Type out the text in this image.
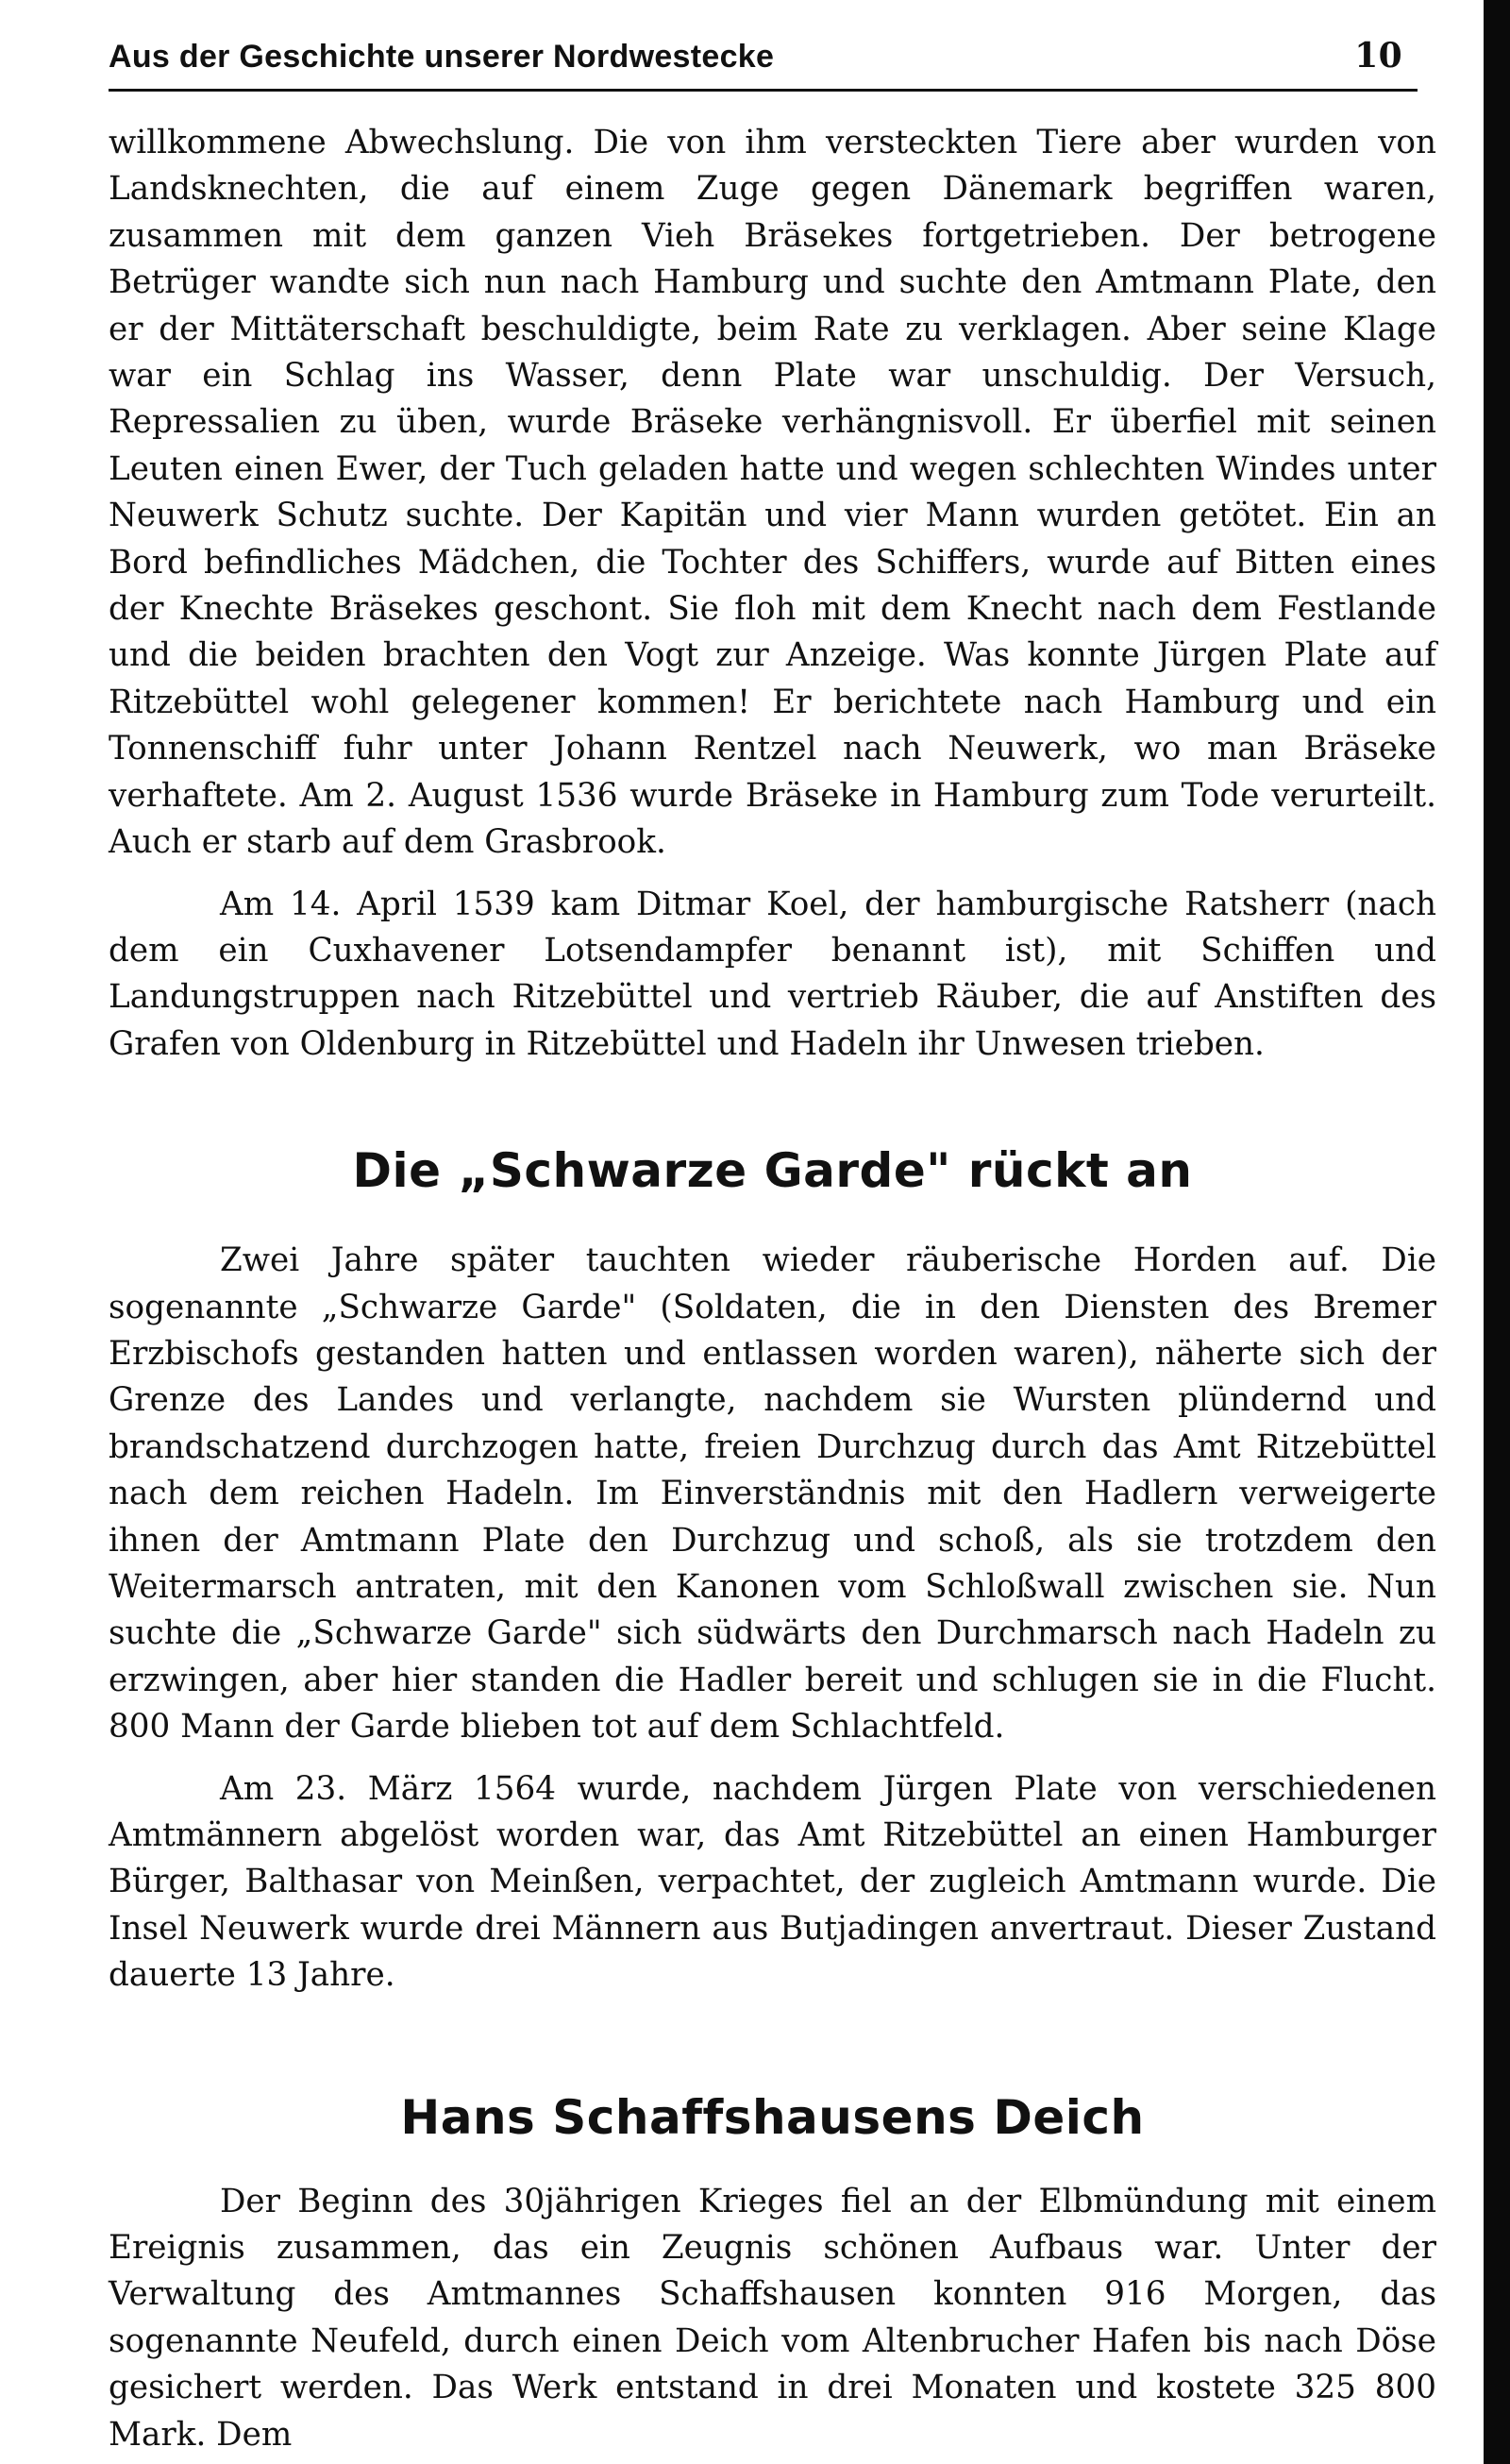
Aus der Geschichte unserer Nordwestecke	10

willkommene Abwechslung. Die von ihm versteckten Tiere aber wurden von Landsknechten, die auf einem Zuge gegen Dänemark begriffen waren, zusammen mit dem ganzen Vieh Bräsekes fortgetrieben. Der betrogene Betrüger wandte sich nun nach Hamburg und suchte den Amtmann Plate, den er der Mittäterschaft beschuldigte, beim Rate zu verklagen. Aber seine Klage war ein Schlag ins Wasser, denn Plate war unschuldig. Der Versuch, Repressalien zu üben, wurde Bräseke verhängnisvoll. Er überfiel mit seinen Leuten einen Ewer, der Tuch geladen hatte und wegen schlechten Windes unter Neuwerk Schutz suchte. Der Kapitän und vier Mann wurden getötet. Ein an Bord befindliches Mädchen, die Tochter des Schiffers, wurde auf Bitten eines der Knechte Bräsekes geschont. Sie floh mit dem Knecht nach dem Festlande und die beiden brachten den Vogt zur Anzeige. Was konnte Jürgen Plate auf Ritzebüttel wohl gelegener kommen! Er berichtete nach Hamburg und ein Tonnenschiff fuhr unter Johann Rentzel nach Neuwerk, wo man Bräseke verhaftete. Am 2. August 1536 wurde Bräseke in Hamburg zum Tode verurteilt. Auch er starb auf dem Grasbrook.

Am 14. April 1539 kam Ditmar Koel, der hamburgische Ratsherr (nach dem ein Cuxhavener Lotsendampfer benannt ist), mit Schiffen und Landungstruppen nach Ritzebüttel und vertrieb Räuber, die auf Anstiften des Grafen von Oldenburg in Ritzebüttel und Hadeln ihr Unwesen trieben.

Die „Schwarze Garde" rückt an

Zwei Jahre später tauchten wieder räuberische Horden auf. Die sogenannte „Schwarze Garde" (Soldaten, die in den Diensten des Bremer Erzbischofs gestanden hatten und entlassen worden waren), näherte sich der Grenze des Landes und verlangte, nachdem sie Wursten plündernd und brandschatzend durchzogen hatte, freien Durchzug durch das Amt Ritzebüttel nach dem reichen Hadeln. Im Einverständnis mit den Hadlern verweigerte ihnen der Amtmann Plate den Durchzug und schoß, als sie trotzdem den Weitermarsch antraten, mit den Kanonen vom Schloßwall zwischen sie. Nun suchte die „Schwarze Garde" sich südwärts den Durchmarsch nach Hadeln zu erzwingen, aber hier standen die Hadler bereit und schlugen sie in die Flucht. 800 Mann der Garde blieben tot auf dem Schlachtfeld.

Am 23. März 1564 wurde, nachdem Jürgen Plate von verschiedenen Amtmännern abgelöst worden war, das Amt Ritzebüttel an einen Hamburger Bürger, Balthasar von Meinßen, verpachtet, der zugleich Amtmann wurde. Die Insel Neuwerk wurde drei Männern aus Butjadingen anvertraut. Dieser Zustand dauerte 13 Jahre.

Hans Schaffshausens Deich

Der Beginn des 30jährigen Krieges fiel an der Elbmündung mit einem Ereignis zusammen, das ein Zeugnis schönen Aufbaus war. Unter der Verwaltung des Amtmannes Schaffshausen konnten 916 Morgen, das sogenannte Neufeld, durch einen Deich vom Altenbrucher Hafen bis nach Döse gesichert werden. Das Werk entstand in drei Monaten und kostete 325 800 Mark. Dem
